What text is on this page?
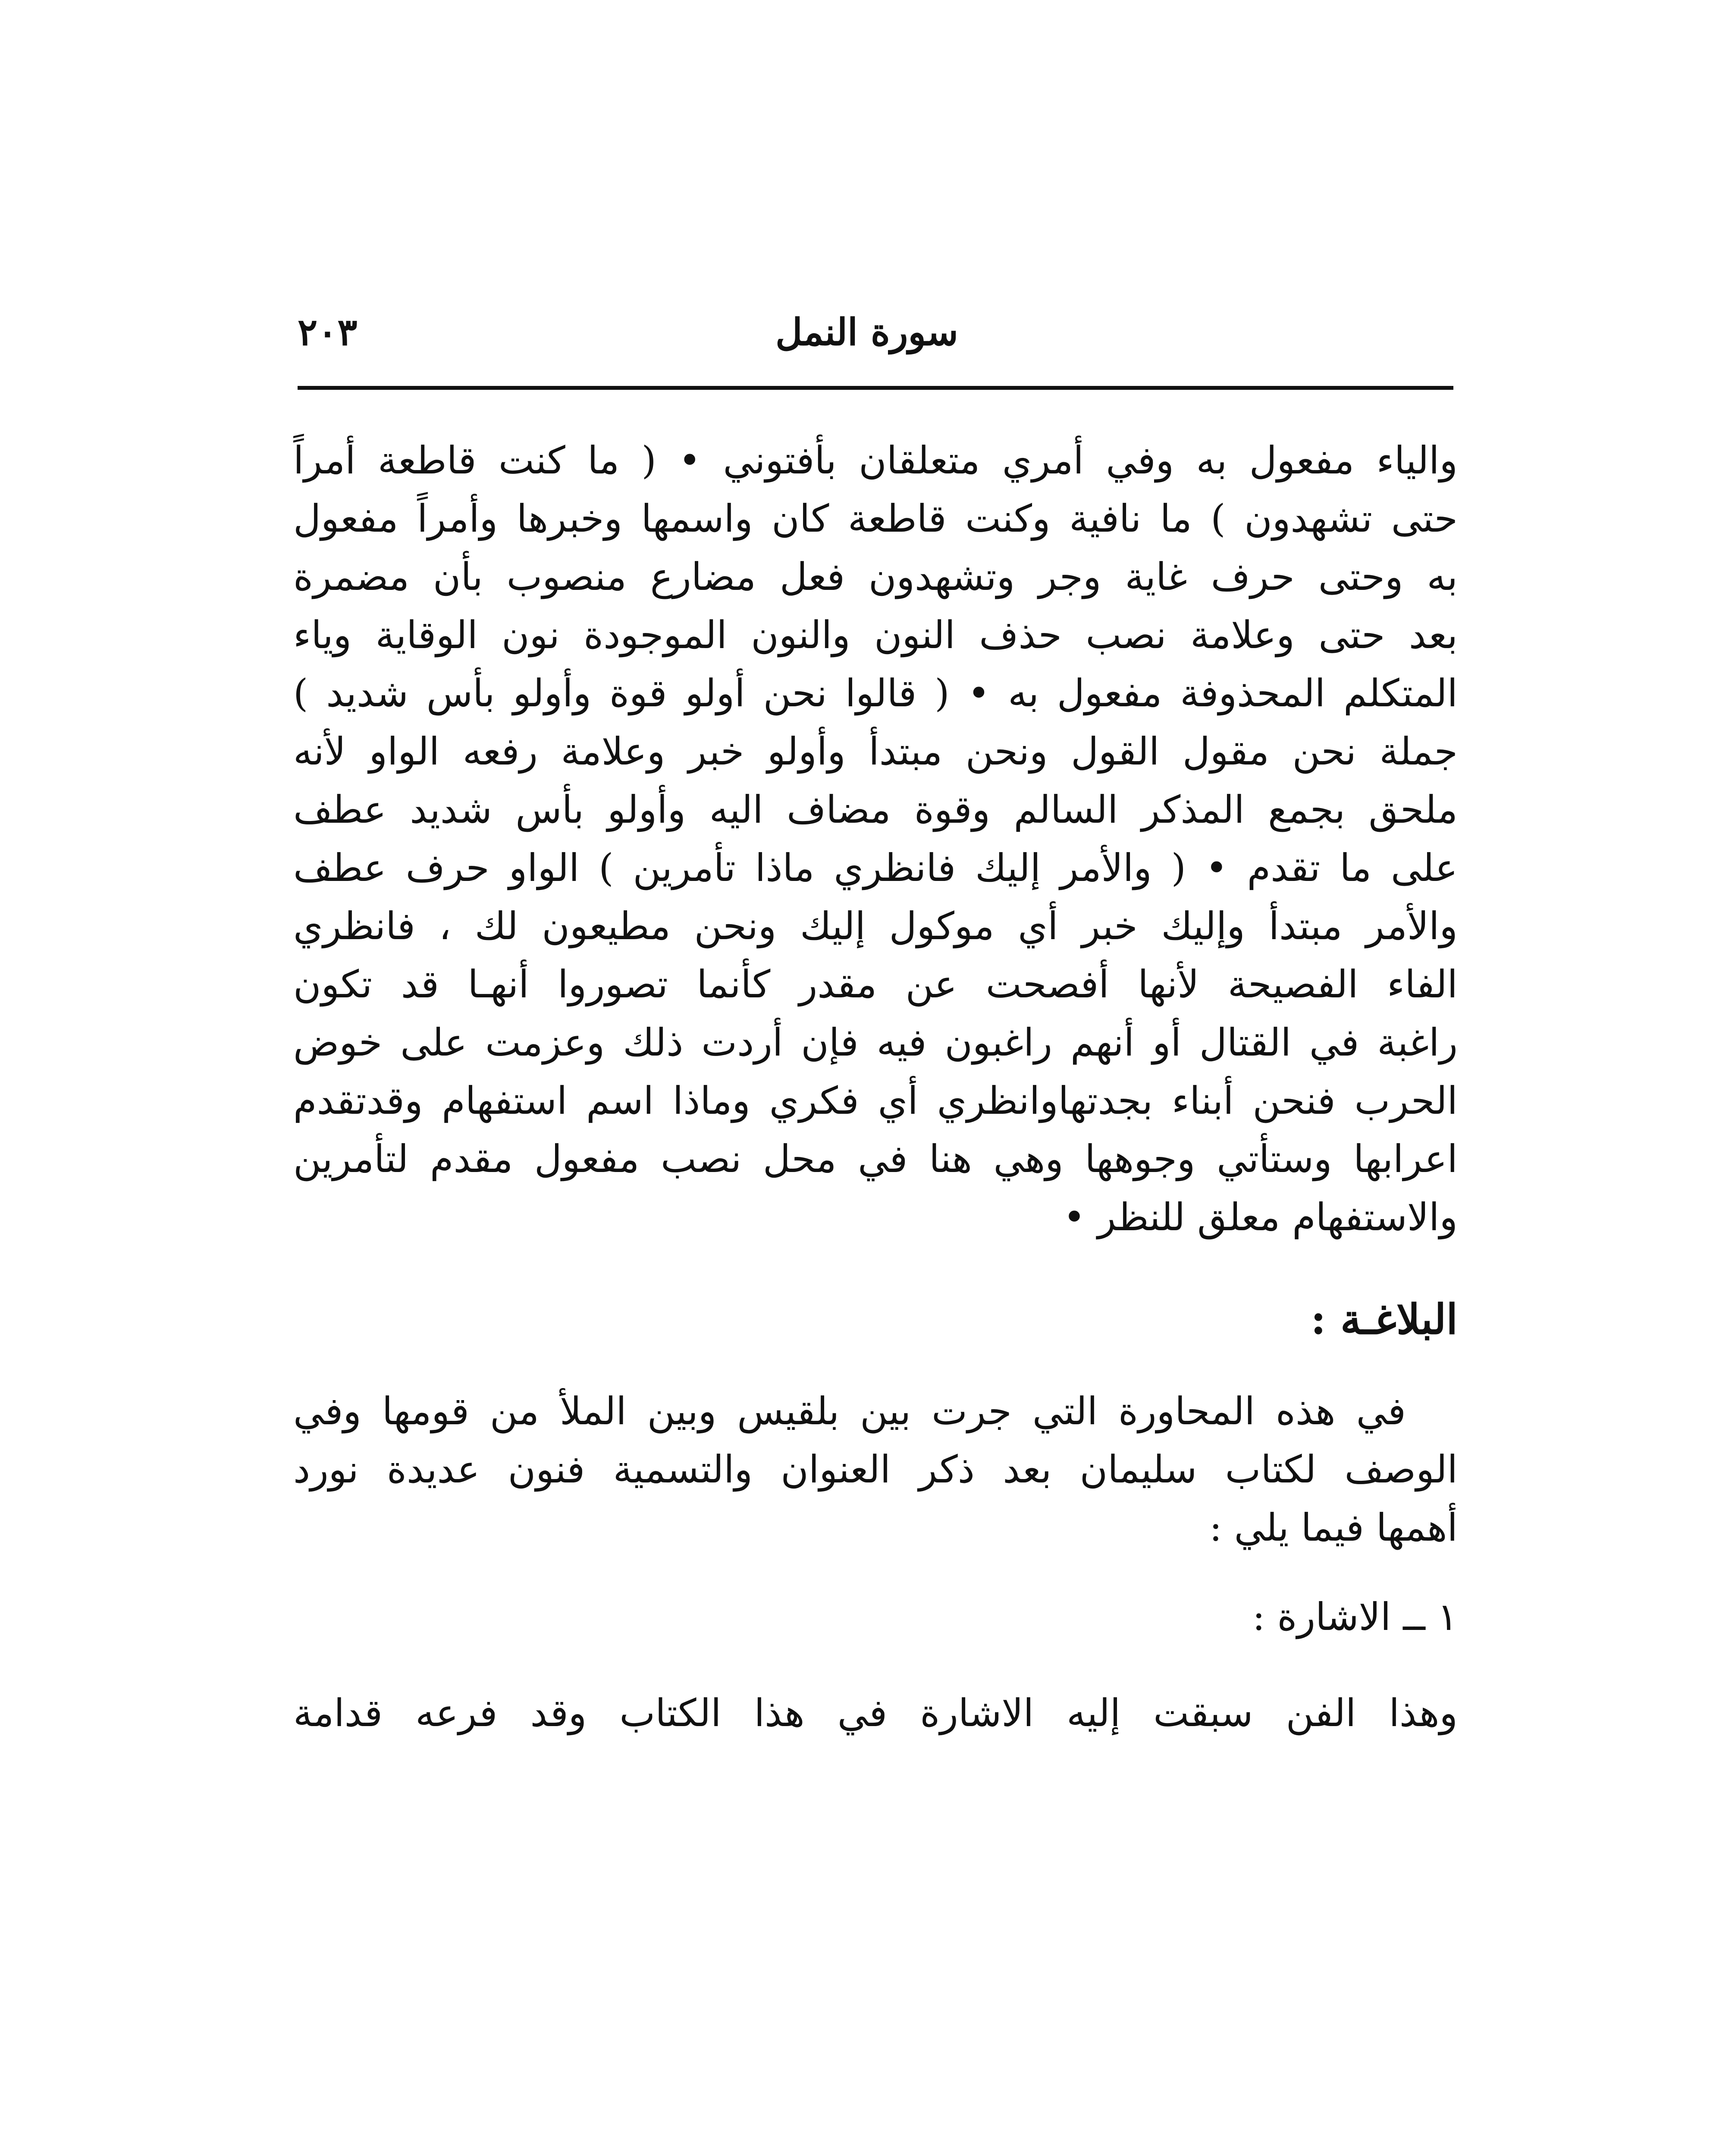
٢٠٣	سورة النمل
والياء مفعول به وفي أمري متعلقان بأفتوني • ( ما كنت قاطعة أمراً
حتى تشهدون ) ما نافية وكنت قاطعة كان واسمها وخبرها وأمراً مفعول
به وحتى حرف غاية وجر وتشهدون فعل مضارع منصوب بأن مضمرة
بعد حتى وعلامة نصب حذف النون والنون الموجودة نون الوقاية وياء
المتكلم المحذوفة مفعول به • ( قالوا نحن أولو قوة وأولو بأس شديد )
جملة نحن مقول القول ونحن مبتدأ وأولو خبر وعلامة رفعه الواو لأنه
ملحق بجمع المذكر السالم وقوة مضاف اليه وأولو بأس شديد عطف
على ما تقدم • ( والأمر إليك فانظري ماذا تأمرين ) الواو حرف عطف
والأمر مبتدأ وإليك خبر أي موكول إليك ونحن مطيعون لك ، فانظري
الفاء الفصيحة لأنها أفصحت عن مقدر كأنما تصوروا أنهـا قد تكون
راغبة في القتال أو أنهم راغبون فيه فإن أردت ذلك وعزمت على خوض
الحرب فنحن أبناء بجدتهاوانظري أي فكري وماذا اسم استفهام وقدتقدم
اعرابها وستأتي وجوهها وهي هنا في محل نصب مفعول مقدم لتأمرين
والاستفهام معلق للنظر •
البلاغـة :
في هذه المحاورة التي جرت بين بلقيس وبين الملأ من قومها وفي
الوصف لكتاب سليمان بعد ذكر العنوان والتسمية فنون عديدة نورد
أهمها فيما يلي :
١ ــ الاشارة :
وهذا الفن سبقت إليه الاشارة في هذا الكتاب وقد فرعه قدامة
